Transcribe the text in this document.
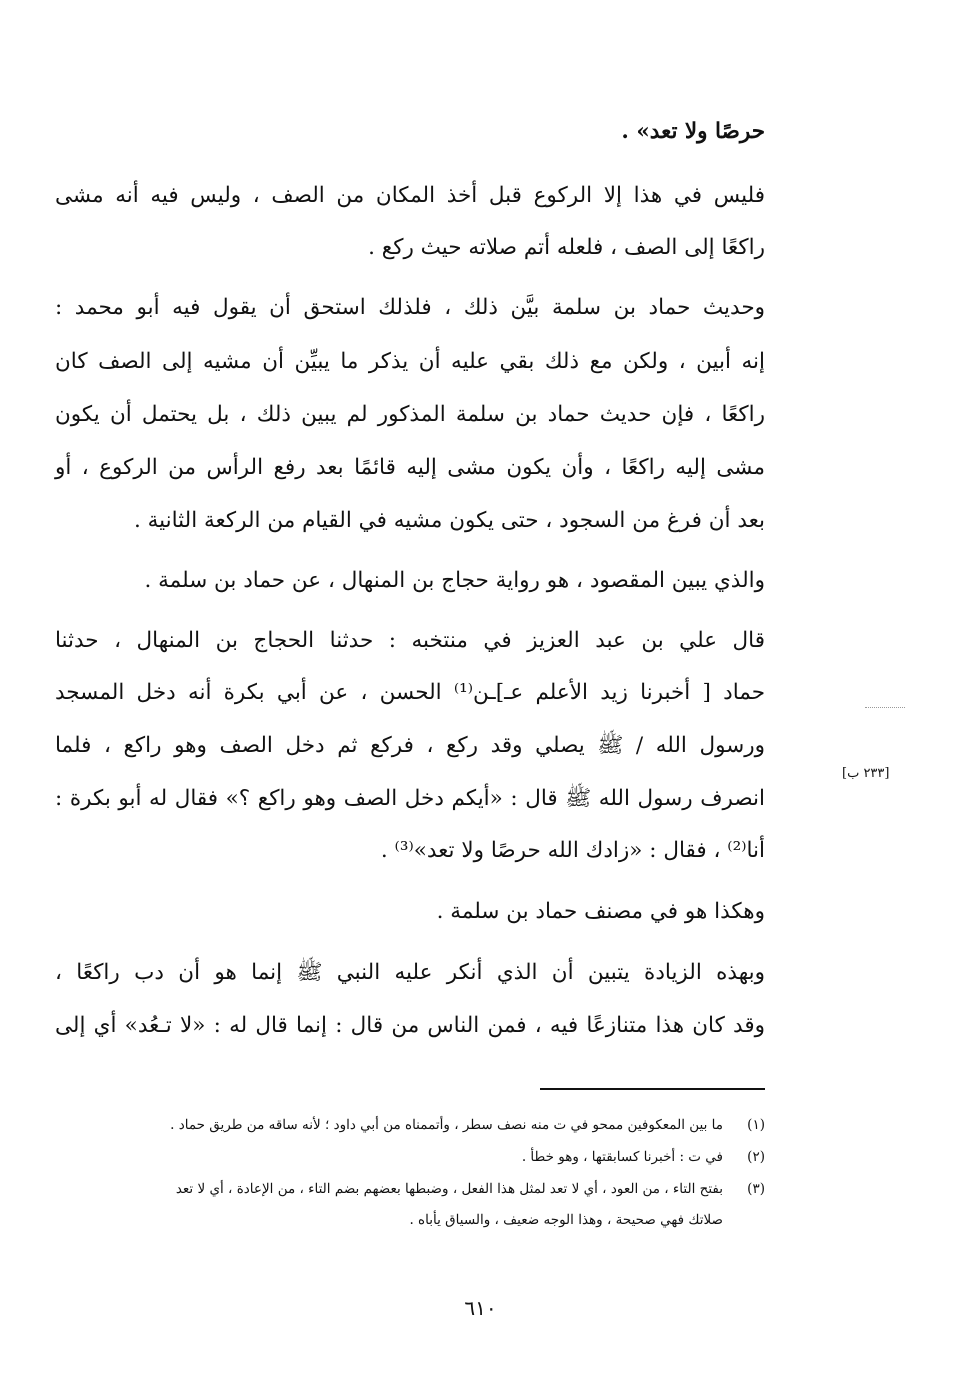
حرصًا ولا تعد» .
فليس في هذا إلا الركوع قبل أخذ المكان من الصف ، وليس فيه أنه مشى
راكعًا إلى الصف ، فلعله أتم صلاته حيث ركع .
وحديث حماد بن سلمة بيَّن ذلك ، فلذلك استحق أن يقول فيه أبو محمد :
إنه أبين ، ولكن مع ذلك بقي عليه أن يذكر ما يبيِّن أن مشيه إلى الصف كان
راكعًا ، فإن حديث حماد بن سلمة المذكور لم يبين ذلك ، بل يحتمل أن يكون
مشى إليه راكعًا ، وأن يكون مشى إليه قائمًا بعد رفع الرأس من الركوع ، أو
بعد أن فرغ من السجود ، حتى يكون مشيه في القيام من الركعة الثانية .
والذي يبين المقصود ، هو رواية حجاج بن المنهال ، عن حماد بن سلمة .
قال علي بن عبد العزيز في منتخبه : حدثنا الحجاج بن المنهال ، حدثنا
حماد [ أخبرنا زيد الأعلم عـ]ـن⁽¹⁾ الحسن ، عن أبي بكرة أنه دخل المسجد
ورسول الله / ﷺ يصلي وقد ركع ، فركع ثم دخل الصف وهو راكع ، فلما
انصرف رسول الله ﷺ قال : «أيكم دخل الصف وهو راكع ؟» فقال له أبو بكرة :
أنا⁽²⁾ ، فقال : «زادك الله حرصًا ولا تعد»⁽³⁾ .
وهكذا هو في مصنف حماد بن سلمة .
وبهذه الزيادة يتبين أن الذي أنكر عليه النبي ﷺ إنما هو أن دب راكعًا ،
وقد كان هذا متنازعًا فيه ، فمن الناس من قال : إنما قال له : «لا تـعُد» أي إلى
[٢٣٣ ب]
(١)ما بين المعكوفين ممحو في ت منه نصف سطر ، وأتممناه من أبي داود ؛ لأنه ساقه من طريق حماد .
(٢)في ت : أخبرنا كسابقتها ، وهو خطأ .
(٣)بفتح التاء ، من العود ، أي لا تعد لمثل هذا الفعل ، وضبطها بعضهم بضم التاء ، من الإعادة ، أي لا تعد
صلاتك فهي صحيحة ، وهذا الوجه ضعيف ، والسياق يأباه .
٦١٠
